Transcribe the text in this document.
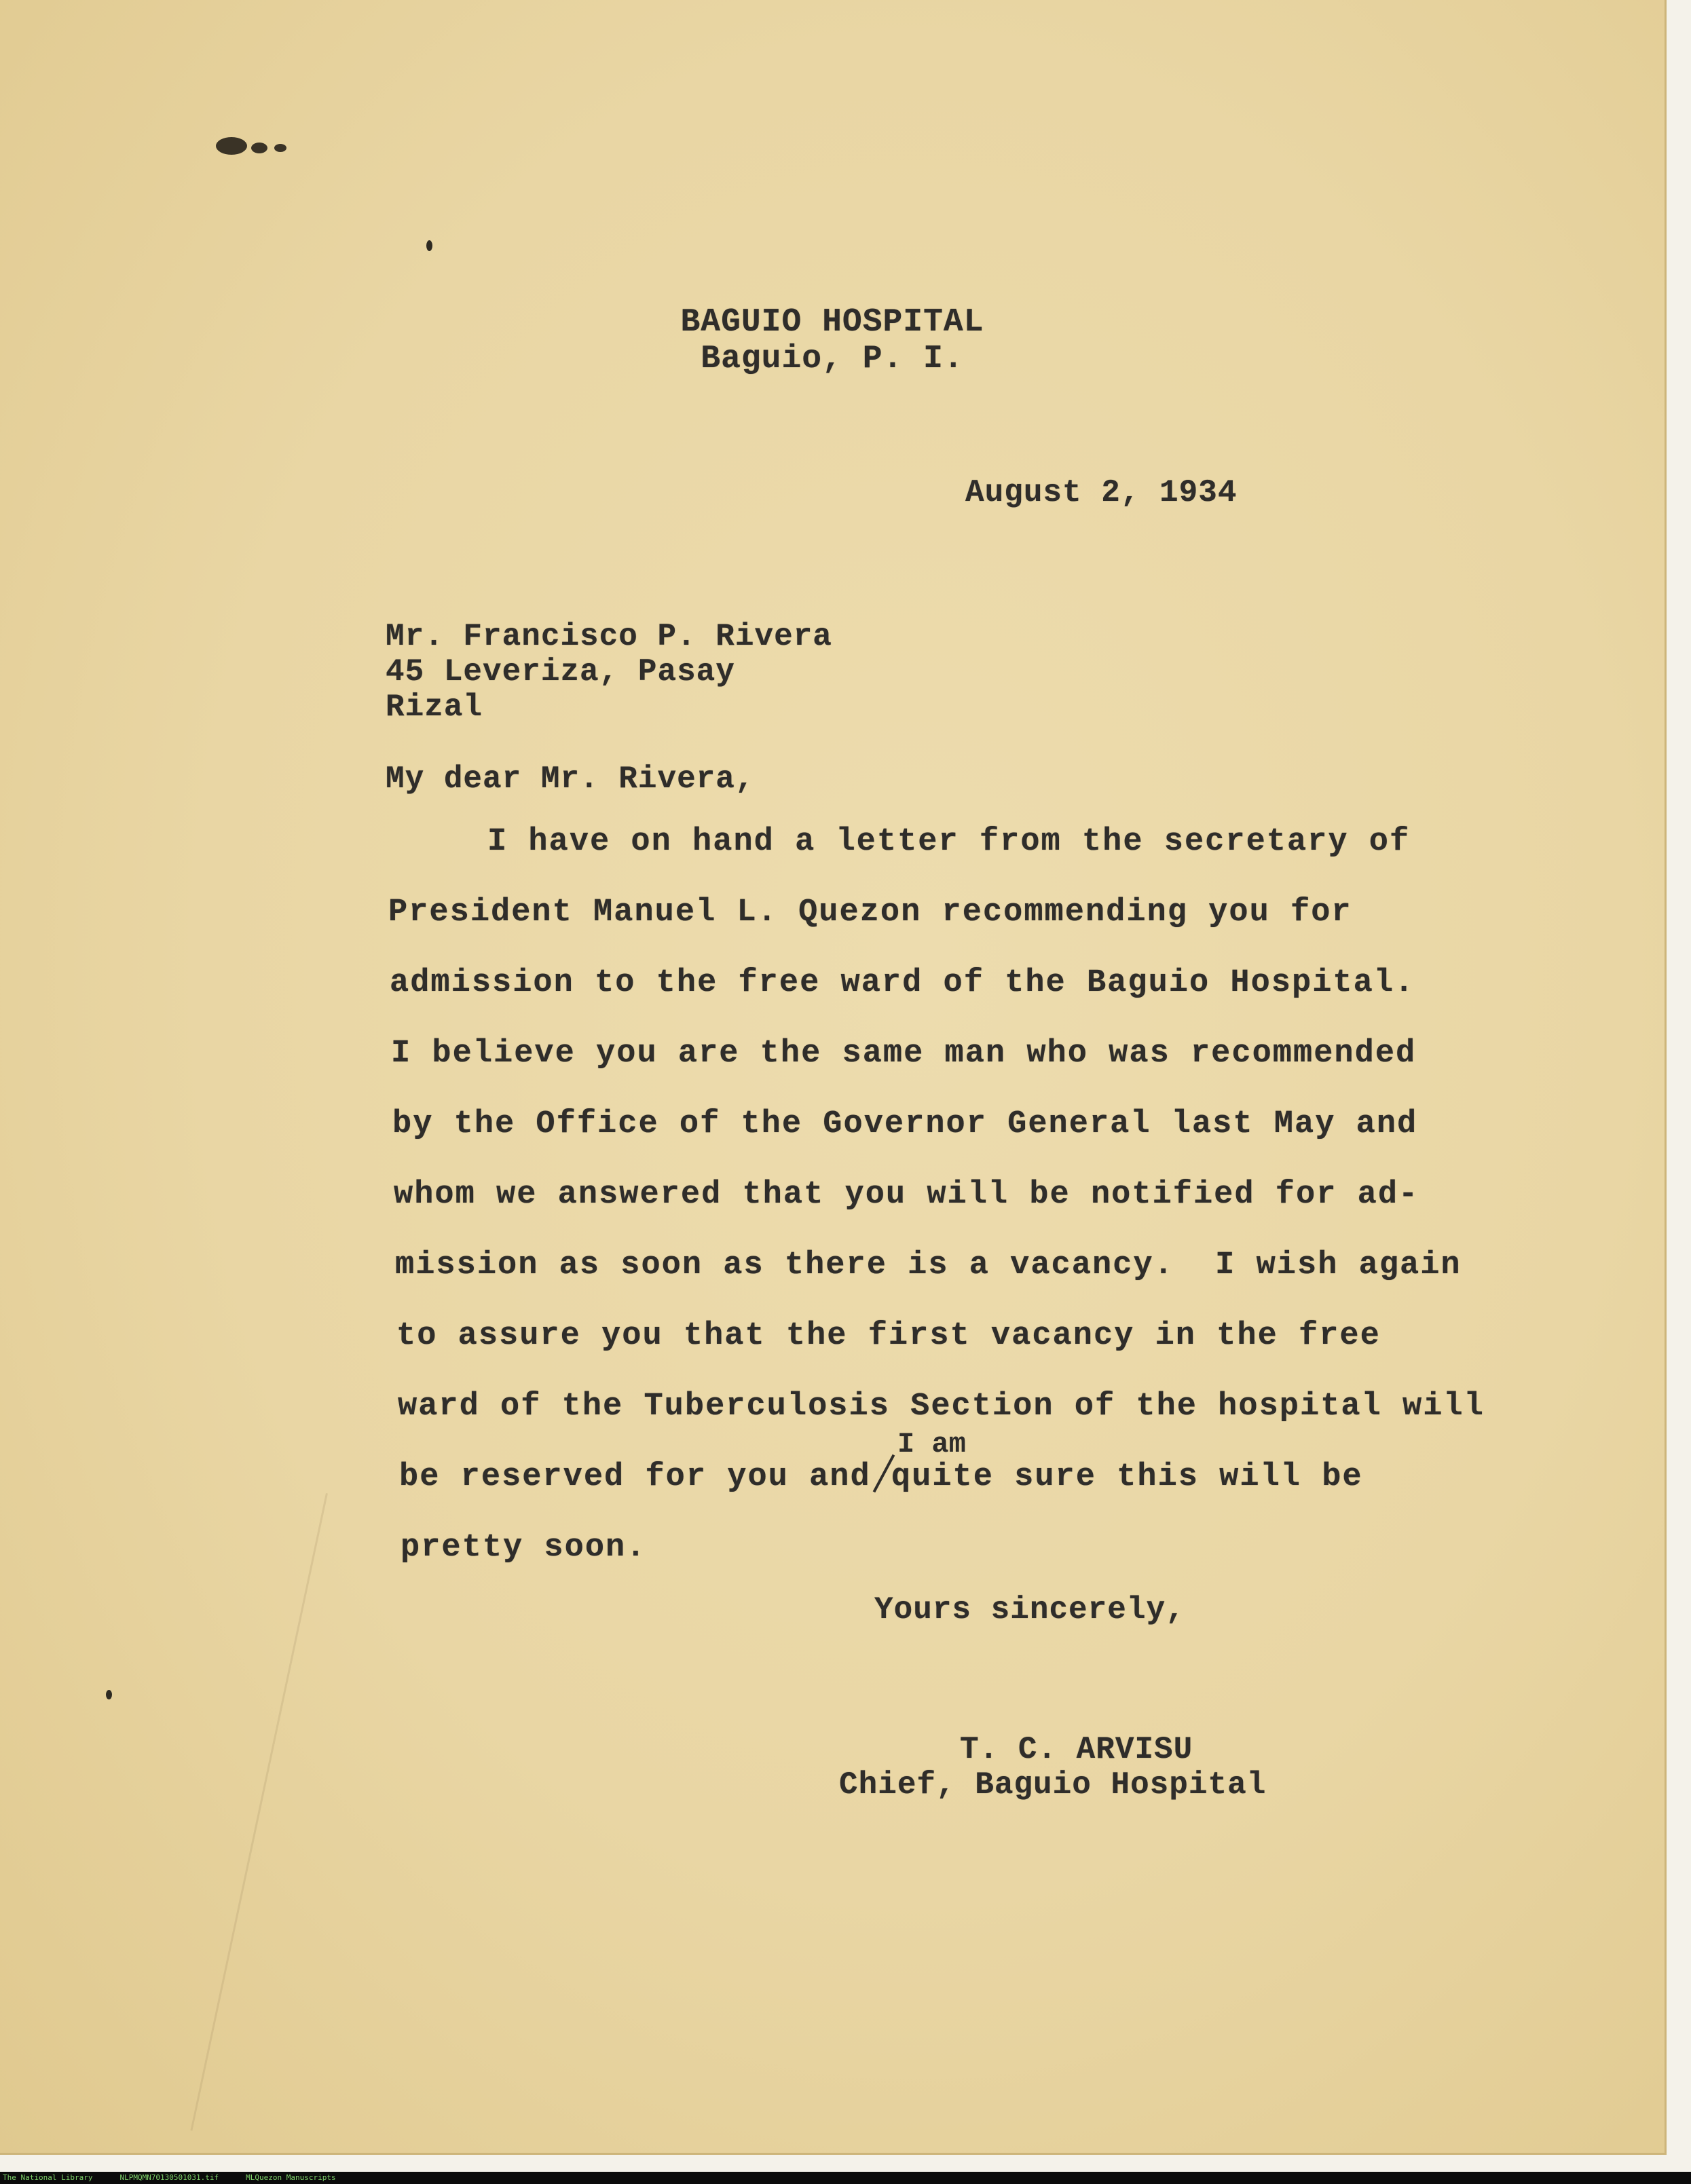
BAGUIO HOSPITAL
Baguio, P. I.
August 2, 1934
Mr. Francisco P. Rivera
45 Leveriza, Pasay
Rizal
My dear Mr. Rivera,
I have on hand a letter from the secretary of
President Manuel L. Quezon recommending you for
admission to the free ward of the Baguio Hospital.
I believe you are the same man who was recommended
by the Office of the Governor General last May and
whom we answered that you will be notified for ad-
mission as soon as there is a vacancy.  I wish again
to assure you that the first vacancy in the free
ward of the Tuberculosis Section of the hospital will
I am
be reserved for you and quite sure this will be
pretty soon.
Yours sincerely,
T. C. ARVISU
Chief, Baguio Hospital
The National Library	NLPMQMN70130501031.tif	MLQuezon Manuscripts
